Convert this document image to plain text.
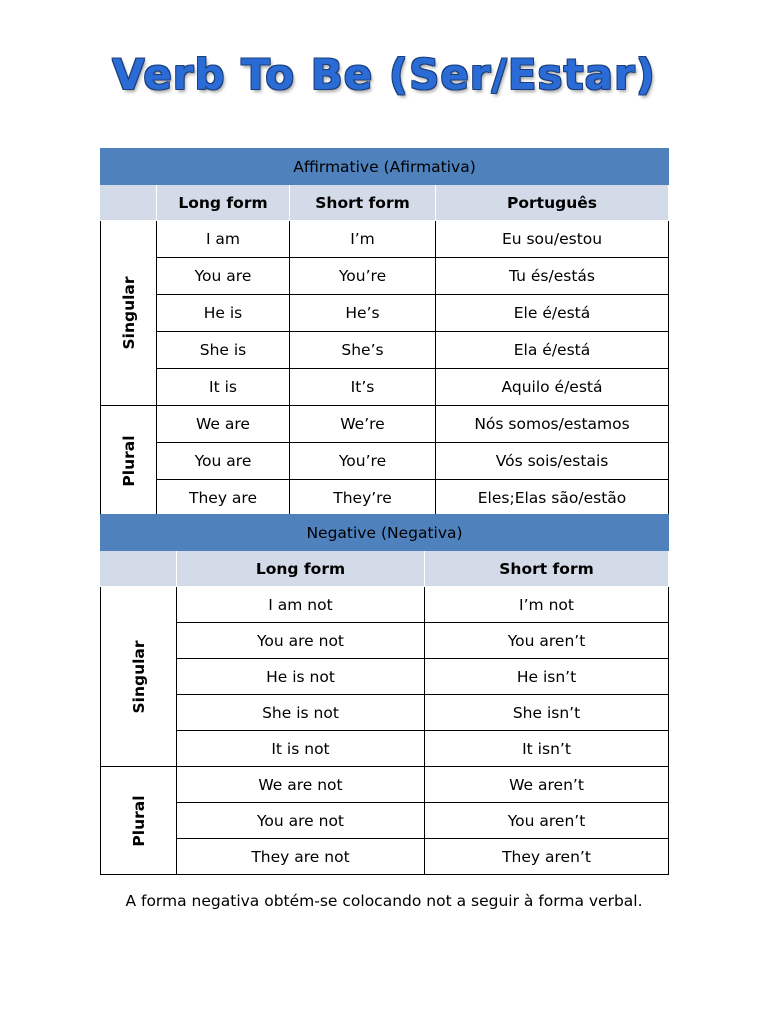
Verb To Be (Ser/Estar)
Affirmative (Afirmativa)			
	Long form	Short form	Português

Singular	I am	I’m	Eu sou/estou
	You are	You’re	Tu és/estás
	He is	He’s	Ele é/está
	She is	She’s	Ela é/está
	It is	It’s	Aquilo é/está

Plural	We are	We’re	Nós somos/estamos
	You are	You’re	Vós sois/estais
	They are	They’re	Eles;Elas são/estão
Negative (Negativa)		
	Long form	Short form

Singular	I am not	I’m not
	You are not	You aren’t
	He is not	He isn’t
	She is not	She isn’t
	It is not	It isn’t

Plural	We are not	We aren’t
	You are not	You aren’t
	They are not	They aren’t
A forma negativa obtém-se colocando not a seguir à forma verbal.
